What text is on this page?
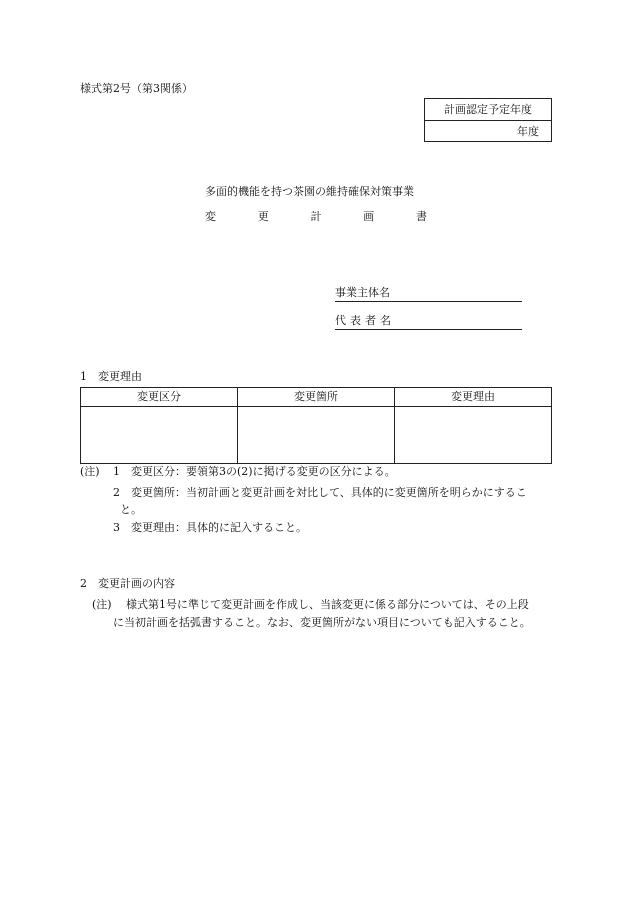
様式第2号（第3関係）
計画認定予定年度
年度
多面的機能を持つ茶園の維持確保対策事業
変	更	計	画	書
事業主体名
代 表 者 名
1　変更理由
変更区分	変更箇所	変更理由

(注) 1　変更区分：要領第3の(2)に掲げる変更の区分による。
2　変更箇所：当初計画と変更計画を対比して、具体的に変更箇所を明らかにするこ
と。
3　変更理由：具体的に記入すること。
2　変更計画の内容
(注) 様式第1号に準じて変更計画を作成し、当該変更に係る部分については、その上段
に当初計画を括弧書すること。なお、変更箇所がない項目についても記入すること。
